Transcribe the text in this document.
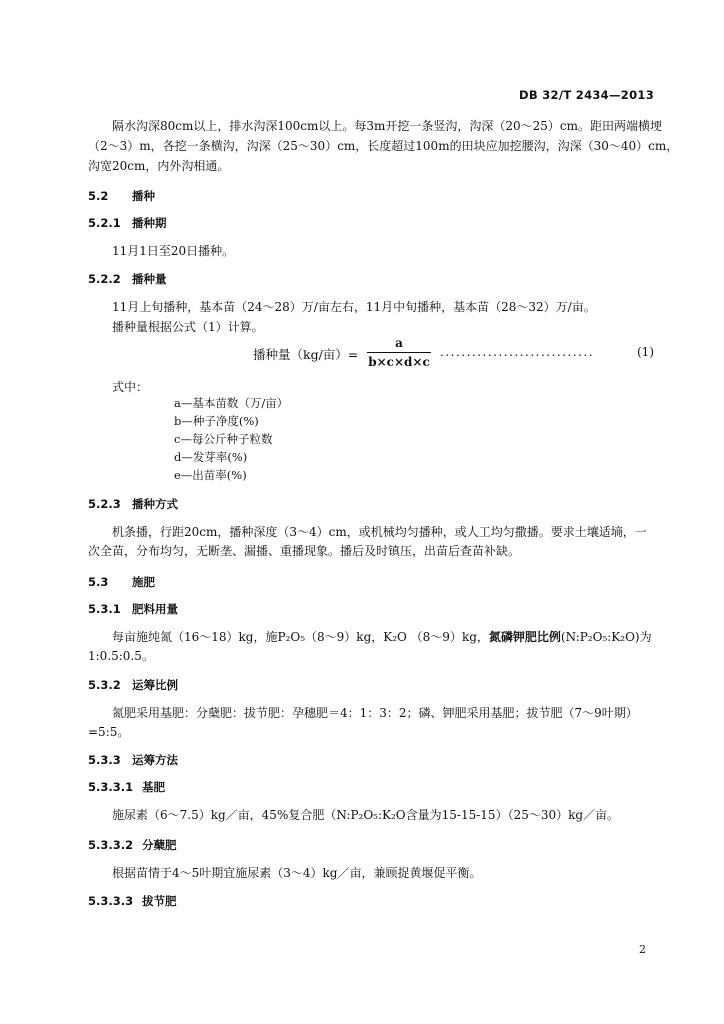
DB 32/T 2434—2013
隔水沟深80cm以上，排水沟深100cm以上。每3m开挖一条竖沟，沟深（20～25）cm。距田两端横埂
（2～3）m，各挖一条横沟，沟深（25～30）cm，长度超过100m的田块应加挖腰沟，沟深（30～40）cm，
沟宽20cm，内外沟相通。
5.2 播种
5.2.1 播种期
11月1日至20日播种。
5.2.2 播种量
11月上旬播种，基本苗（24～28）万/亩左右，11月中旬播种，基本苗（28～32）万/亩。
播种量根据公式（1）计算。
播种量（kg/亩）=
a
b×c×d×c
.............................	(1)
式中：
a—基本苗数（万/亩）
b—种子净度(%)
c—每公斤种子粒数
d—发芽率(%)
e—出苗率(%)
5.2.3 播种方式
机条播，行距20cm，播种深度（3～4）cm，或机械均匀播种，或人工均匀撒播。要求土壤适墒，一
次全苗，分布均匀，无断垄、漏播、重播现象。播后及时镇压，出苗后查苗补缺。
5.3 施肥
5.3.1 肥料用量
每亩施纯氮（16～18）kg，施P₂O₅（8～9）kg，K₂O （8～9）kg，氮磷钾肥比例(N:P₂O₅:K₂O)为
1:0.5:0.5。
5.3.2 运筹比例
氮肥采用基肥：分蘖肥：拔节肥：孕穗肥＝4：1：3：2；磷、钾肥采用基肥；拔节肥（7～9叶期）
=5:5。
5.3.3 运筹方法
5.3.3.1 基肥
施尿素（6～7.5）kg／亩，45%复合肥（N:P₂O₅:K₂O含量为15-15-15）（25～30）kg／亩。
5.3.3.2 分蘖肥
根据苗情于4～5叶期宜施尿素（3～4）kg／亩，兼顾捉黄堰促平衡。
5.3.3.3 拔节肥
2
